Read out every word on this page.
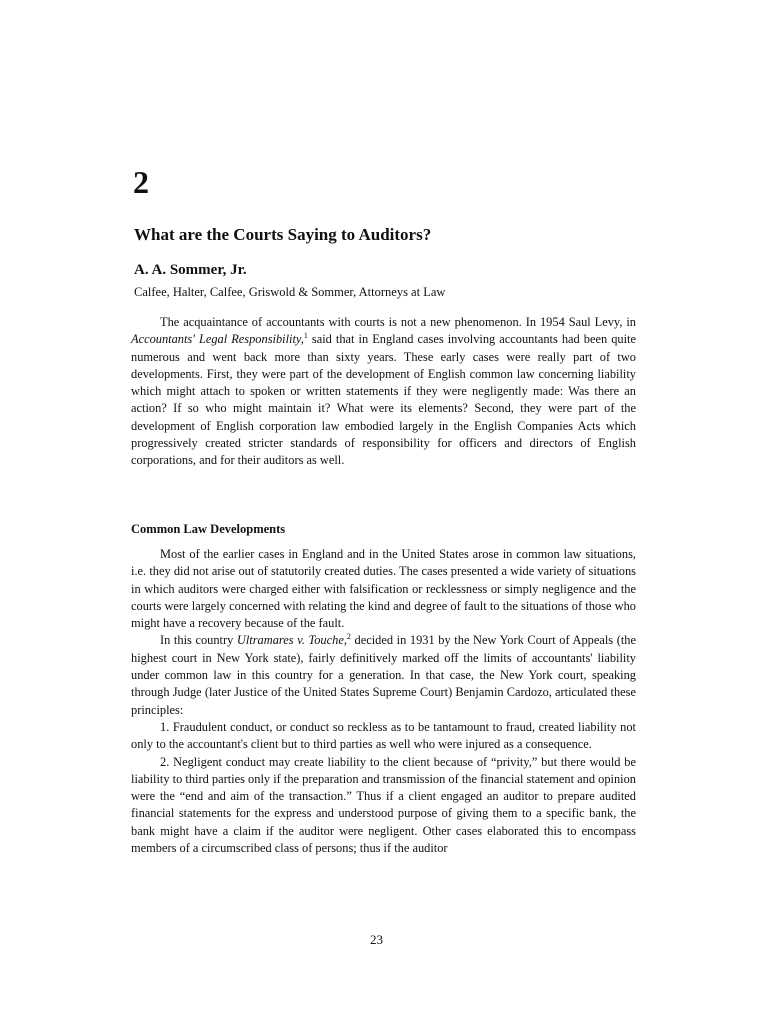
2
What are the Courts Saying to Auditors?
A. A. Sommer, Jr.
Calfee, Halter, Calfee, Griswold & Sommer, Attorneys at Law

The acquaintance of accountants with courts is not a new phenomenon. In 1954 Saul Levy, in Accountants' Legal Responsibility,$^1$ said that in England cases involving accountants had been quite numerous and went back more than sixty years. These early cases were really part of two developments. First, they were part of the development of English common law concerning liability which might attach to spoken or written statements if they were negligently made: Was there an action? If so who might maintain it? What were its elements? Second, they were part of the development of English corporation law embodied largely in the English Companies Acts which progressively created stricter standards of responsibility for officers and directors of English corporations, and for their auditors as well.

Common Law Developments

Most of the earlier cases in England and in the United States arose in common law situations, i.e. they did not arise out of statutorily created duties. The cases presented a wide variety of situations in which auditors were charged either with falsification or recklessness or simply negligence and the courts were largely concerned with relating the kind and degree of fault to the situations of those who might have a recovery because of the fault.

In this country Ultramares v. Touche,$^2$ decided in 1931 by the New York Court of Appeals (the highest court in New York state), fairly definitively marked off the limits of accountants' liability under common law in this country for a generation. In that case, the New York court, speaking through Judge (later Justice of the United States Supreme Court) Benjamin Cardozo, articulated these principles:

1. Fraudulent conduct, or conduct so reckless as to be tantamount to fraud, created liability not only to the accountant's client but to third parties as well who were injured as a consequence.

2. Negligent conduct may create liability to the client because of “privity,” but there would be liability to third parties only if the preparation and transmission of the financial statement and opinion were the “end and aim of the transaction.” Thus if a client engaged an auditor to prepare audited financial statements for the express and understood purpose of giving them to a specific bank, the bank might have a claim if the auditor were negligent. Other cases elaborated this to encompass members of a circumscribed class of persons; thus if the auditor

23
